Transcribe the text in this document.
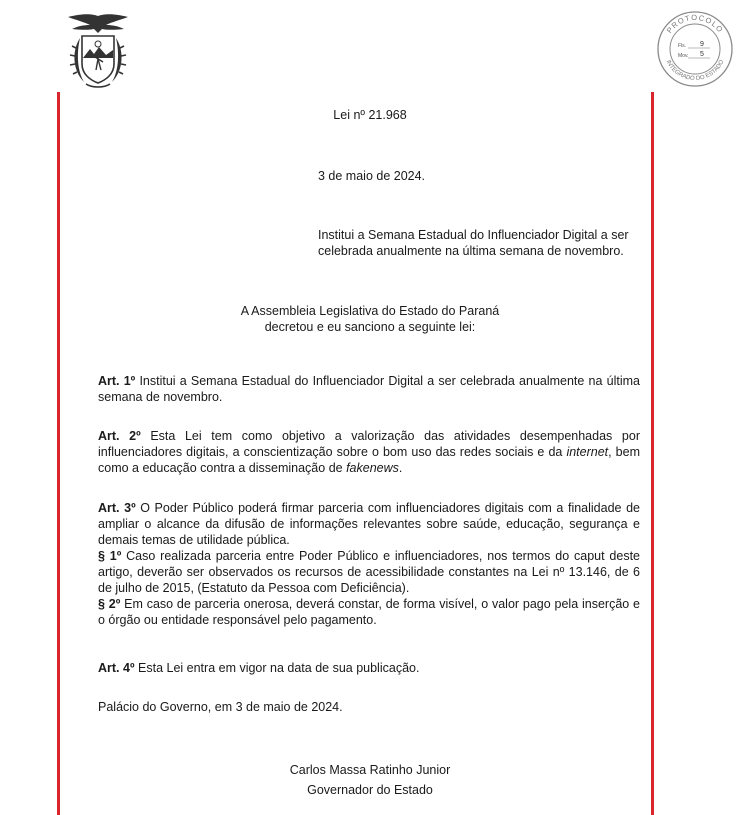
PROTOCOLO
INTEGRADO DO ESTADO
Fls. 9
Mov. 5
Lei nº 21.968
3 de maio de 2024.
Institui a Semana Estadual do Influenciador Digital a ser
celebrada anualmente na última semana de novembro.
A Assembleia Legislativa do Estado do Paraná
decretou e eu sanciono a seguinte lei:
Art. 1º Institui a Semana Estadual do Influenciador Digital a ser celebrada anualmente na última semana de novembro.
Art. 2º Esta Lei tem como objetivo a valorização das atividades desempenhadas por influenciadores digitais, a conscientização sobre o bom uso das redes sociais e da internet, bem como a educação contra a disseminação de fakenews.
Art. 3º O Poder Público poderá firmar parceria com influenciadores digitais com a finalidade de ampliar o alcance da difusão de informações relevantes sobre saúde, educação, segurança e demais temas de utilidade pública.
§ 1º Caso realizada parceria entre Poder Público e influenciadores, nos termos do caput deste artigo, deverão ser observados os recursos de acessibilidade constantes na Lei nº 13.146, de 6 de julho de 2015, (Estatuto da Pessoa com Deficiência).
§ 2º Em caso de parceria onerosa, deverá constar, de forma visível, o valor pago pela inserção e o órgão ou entidade responsável pelo pagamento.
Art. 4º Esta Lei entra em vigor na data de sua publicação.
Palácio do Governo, em 3 de maio de 2024.
Carlos Massa Ratinho Junior
Governador do Estado
